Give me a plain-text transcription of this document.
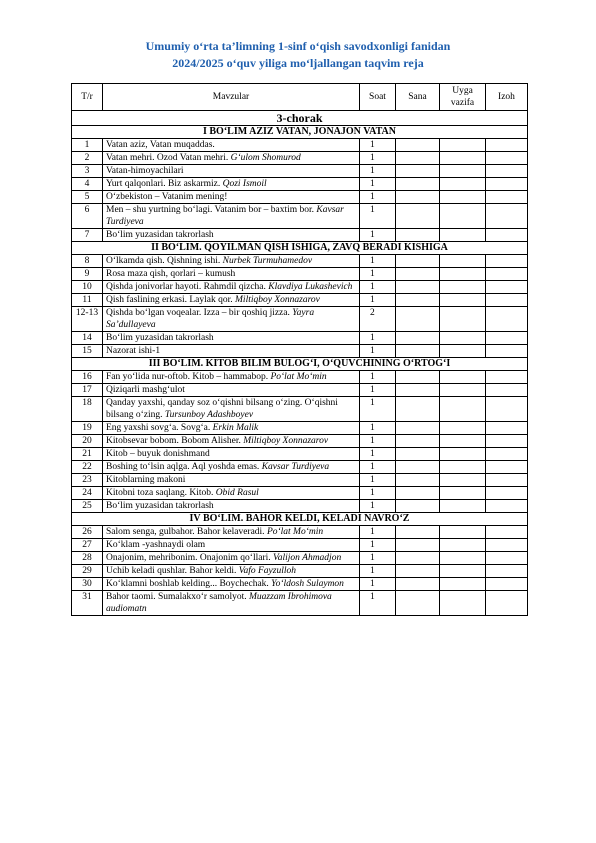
Umumiy o‘rta ta’limning 1-sinf o‘qish savodxonligi fanidan
2024/2025 o‘quv yiliga mo‘ljallangan taqvim reja
T/r	Mavzular	Soat	Sana	Uyga vazifa	Izoh
3-chorak					
I BO‘LIM AZIZ VATAN, JONAJON VATAN					
1	Vatan aziz, Vatan muqaddas.	1			
2	Vatan mehri. Ozod Vatan mehri. G‘ulom Shomurod	1			
3	Vatan-himoyachilari	1			
4	Yurt qalqonlari. Biz askarmiz. Qozi Ismoil	1			
5	O‘zbekiston – Vatanim mening!	1			
6	Men – shu yurtning bo‘lagi. Vatanim bor – baxtim bor. Kavsar Turdiyeva	1			
7	Bo‘lim yuzasidan takrorlash	1			
II BO‘LIM. QOYILMAN QISH ISHIGA, ZAVQ BERADI KISHIGA					
8	O‘lkamda qish. Qishning ishi. Nurbek Turmuhamedov	1			
9	Rosa maza qish, qorlari – kumush	1			
10	Qishda jonivorlar hayoti. Rahmdil qizcha. Klavdiya Lukashevich	1			
11	Qish faslining erkasi. Laylak qor. Miltiqboy Xonnazarov	1			
12-13	Qishda bo‘lgan voqealar. Izza – bir qoshiq jizza. Yayra Sa’dullayeva	2			
14	Bo‘lim yuzasidan takrorlash	1			
15	Nazorat ishi-1	1			
III BO‘LIM. KITOB BILIM BULOG‘I, O‘QUVCHINING O‘RTOG‘I					
16	Fan yo‘lida nur-oftob. Kitob – hammabop. Po‘lat Mo‘min	1			
17	Qiziqarli mashg‘ulot	1			
18	Qanday yaxshi, qanday soz o‘qishni bilsang o‘zing. O‘qishni bilsang o‘zing. Tursunboy Adashboyev	1			
19	Eng yaxshi sovg‘a. Sovg‘a. Erkin Malik	1			
20	Kitobsevar bobom. Bobom Alisher. Miltiqboy Xonnazarov	1			
21	Kitob – buyuk donishmand	1			
22	Boshing to‘lsin aqlga. Aql yoshda emas. Kavsar Turdiyeva	1			
23	Kitoblarning makoni	1			
24	Kitobni toza saqlang. Kitob. Obid Rasul	1			
25	Bo‘lim yuzasidan takrorlash	1			
IV BO‘LIM. BAHOR KELDI, KELADI NAVRO‘Z					
26	Salom senga, gulbahor. Bahor kelaveradi. Po‘lat Mo‘min	1			
27	Ko‘klam -yashnaydi olam	1			
28	Onajonim, mehribonim. Onajonim qo‘llari. Valijon Ahmadjon	1			
29	Uchib keladi qushlar. Bahor keldi. Vafo Fayzulloh	1			
30	Ko‘klamni boshlab kelding... Boychechak. Yo‘ldosh Sulaymon	1			
31	Bahor taomi. Sumalakxo‘r samolyot. Muazzam Ibrohimova audiomatn	1			
